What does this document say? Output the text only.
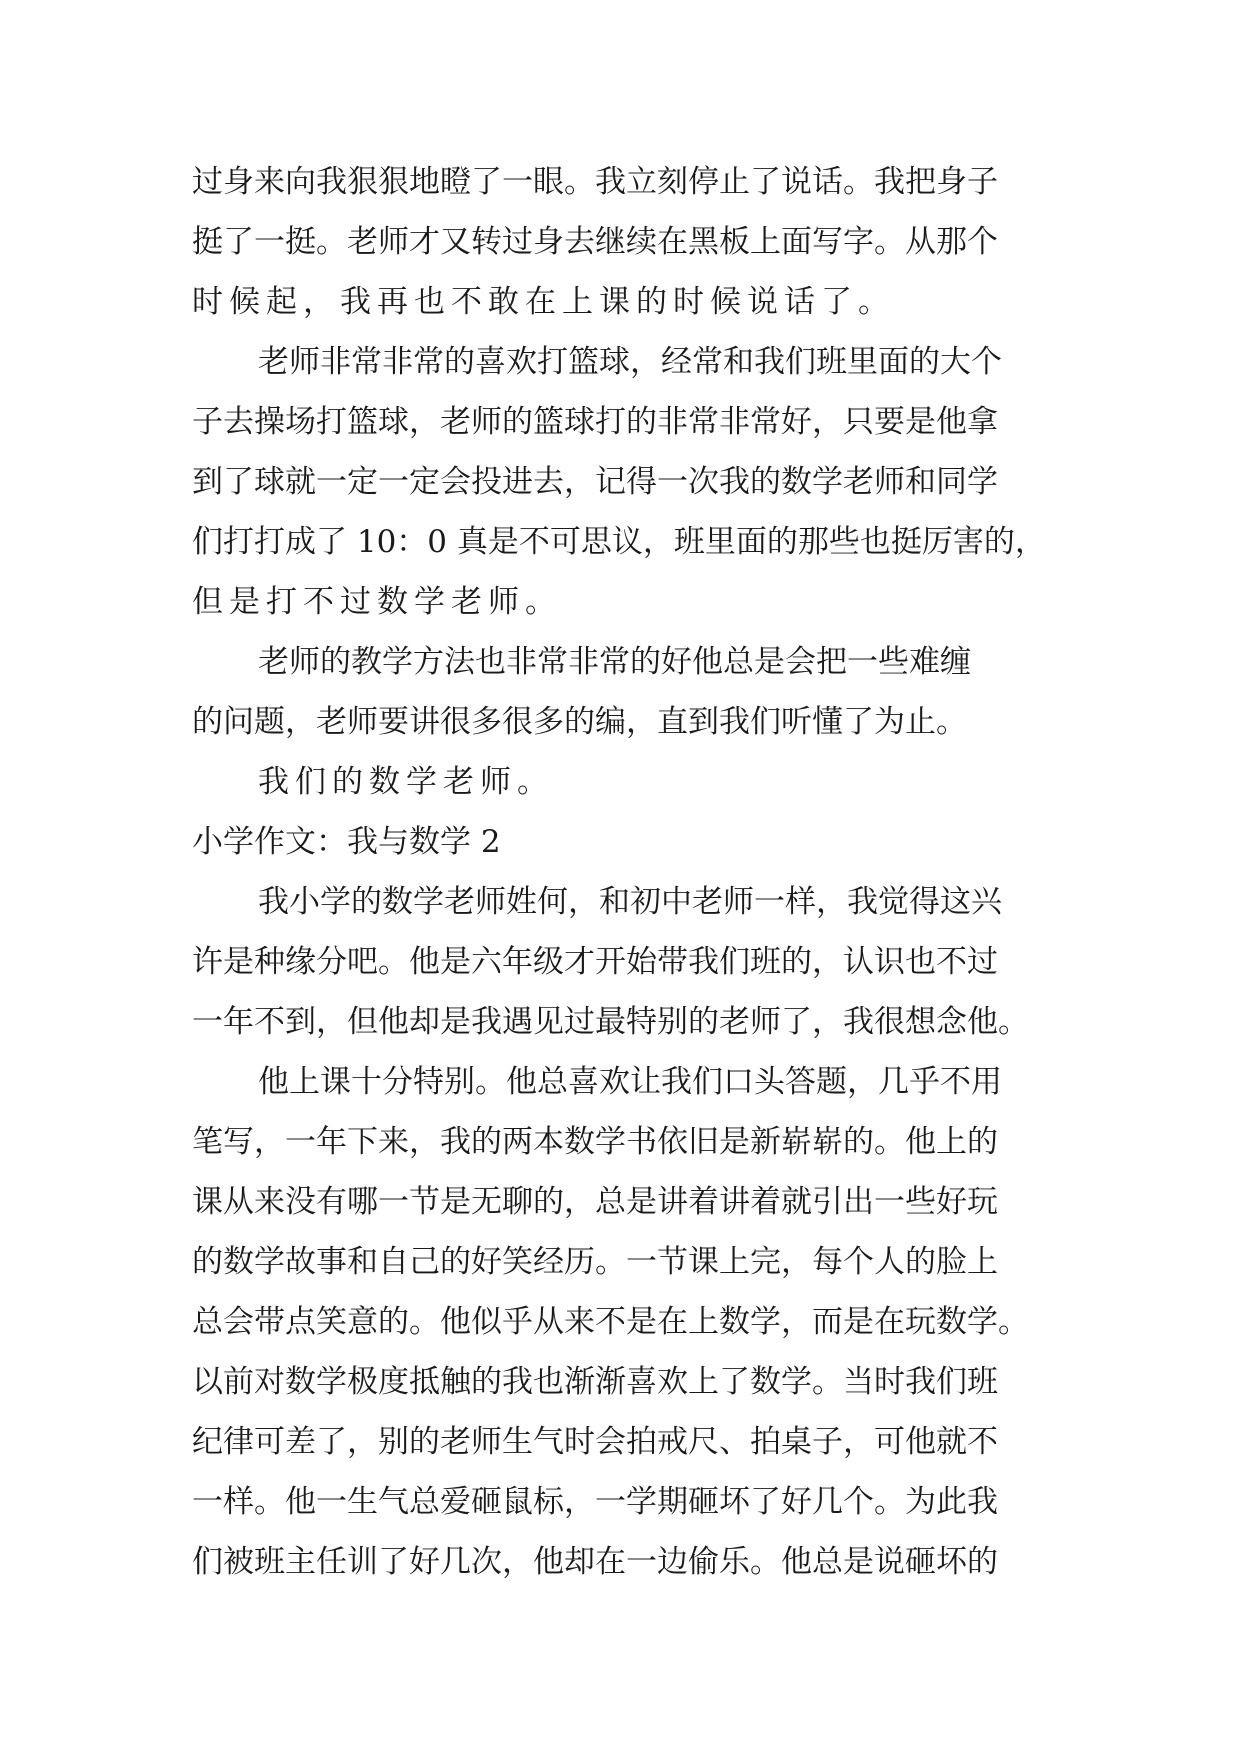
过身来向我狠狠地瞪了一眼。我立刻停止了说话。我把身子
挺了一挺。老师才又转过身去继续在黑板上面写字。从那个
时候起，我再也不敢在上课的时候说话了。
老师非常非常的喜欢打篮球，经常和我们班里面的大个
子去操场打篮球，老师的篮球打的非常非常好，只要是他拿
到了球就一定一定会投进去，记得一次我的数学老师和同学
们打打成了 10：0 真是不可思议，班里面的那些也挺厉害的，
但是打不过数学老师。
老师的教学方法也非常非常的好他总是会把一些难缠
的问题，老师要讲很多很多的编，直到我们听懂了为止。
我们的数学老师。
小学作文：我与数学 2
我小学的数学老师姓何，和初中老师一样，我觉得这兴
许是种缘分吧。他是六年级才开始带我们班的，认识也不过
一年不到，但他却是我遇见过最特别的老师了，我很想念他。
他上课十分特别。他总喜欢让我们口头答题，几乎不用
笔写，一年下来，我的两本数学书依旧是新崭崭的。他上的
课从来没有哪一节是无聊的，总是讲着讲着就引出一些好玩
的数学故事和自己的好笑经历。一节课上完，每个人的脸上
总会带点笑意的。他似乎从来不是在上数学，而是在玩数学。
以前对数学极度抵触的我也渐渐喜欢上了数学。当时我们班
纪律可差了，别的老师生气时会拍戒尺、拍桌子，可他就不
一样。他一生气总爱砸鼠标，一学期砸坏了好几个。为此我
们被班主任训了好几次，他却在一边偷乐。他总是说砸坏的
